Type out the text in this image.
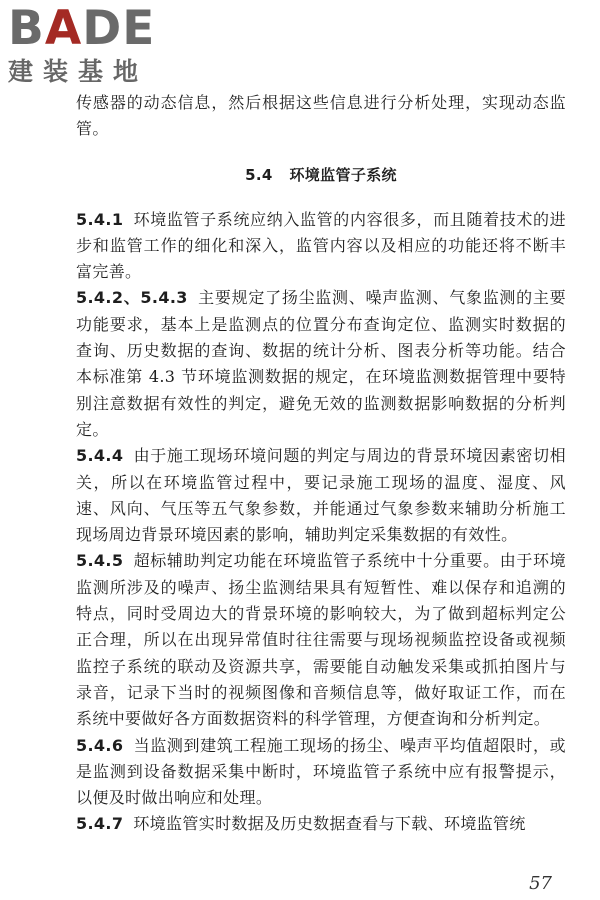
BADE
建装基地

传感器的动态信息，然后根据这些信息进行分析处理，实现动态监管。

5.4 环境监管子系统

5.4.1 环境监管子系统应纳入监管的内容很多，而且随着技术的进步和监管工作的细化和深入，监管内容以及相应的功能还将不断丰富完善。

5.4.2、5.4.3 主要规定了扬尘监测、噪声监测、气象监测的主要功能要求，基本上是监测点的位置分布查询定位、监测实时数据的查询、历史数据的查询、数据的统计分析、图表分析等功能。结合本标准第 4.3 节环境监测数据的规定，在环境监测数据管理中要特别注意数据有效性的判定，避免无效的监测数据影响数据的分析判定。

5.4.4 由于施工现场环境问题的判定与周边的背景环境因素密切相关，所以在环境监管过程中，要记录施工现场的温度、湿度、风速、风向、气压等五气象参数，并能通过气象参数来辅助分析施工现场周边背景环境因素的影响，辅助判定采集数据的有效性。

5.4.5 超标辅助判定功能在环境监管子系统中十分重要。由于环境监测所涉及的噪声、扬尘监测结果具有短暂性、难以保存和追溯的特点，同时受周边大的背景环境的影响较大，为了做到超标判定公正合理，所以在出现异常值时往往需要与现场视频监控设备或视频监控子系统的联动及资源共享，需要能自动触发采集或抓拍图片与录音，记录下当时的视频图像和音频信息等，做好取证工作，而在系统中要做好各方面数据资料的科学管理，方便查询和分析判定。

5.4.6 当监测到建筑工程施工现场的扬尘、噪声平均值超限时，或是监测到设备数据采集中断时，环境监管子系统中应有报警提示，以便及时做出响应和处理。

5.4.7 环境监管实时数据及历史数据查看与下载、环境监管统

57
